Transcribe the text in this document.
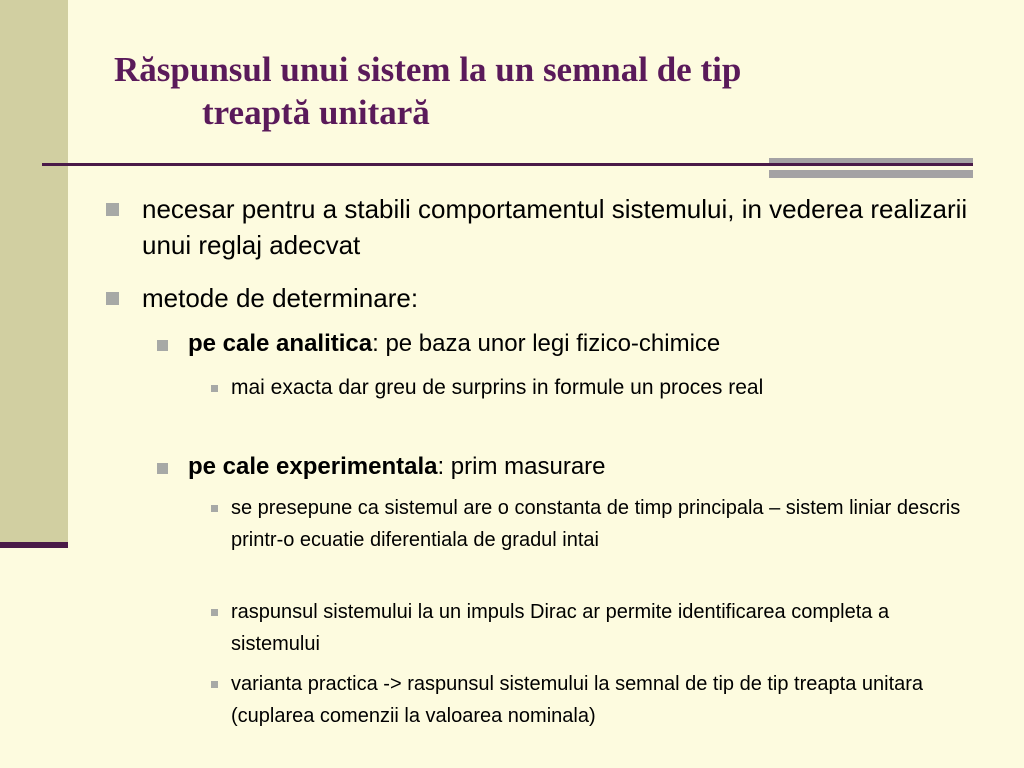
Răspunsul unui sistem la un semnal de tip
treaptă unitară
necesar pentru a stabili comportamentul sistemului, in vederea realizarii unui reglaj adecvat
metode de determinare:
pe cale analitica: pe baza unor legi fizico-chimice
mai exacta dar greu de surprins in formule un proces real
pe cale experimentala: prim masurare
se presepune ca sistemul are o constanta de timp principala – sistem liniar descris printr-o ecuatie diferentiala de gradul intai
raspunsul sistemului la un impuls Dirac ar permite identificarea completa a sistemului
varianta practica -> raspunsul sistemului la semnal de tip de tip treapta unitara (cuplarea comenzii la valoarea nominala)
